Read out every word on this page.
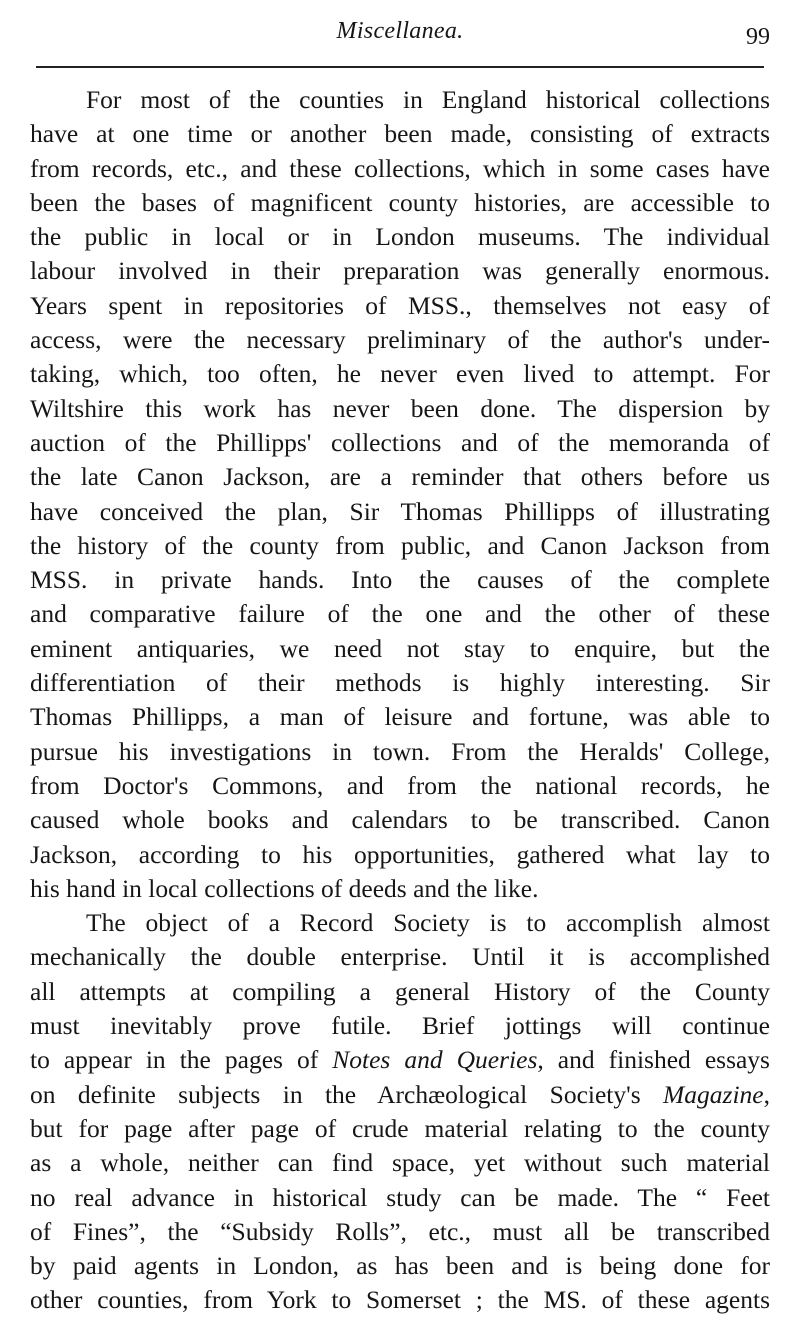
Miscellanea.	99
For most of the counties in England historical collections
have at one time or another been made, consisting of extracts
from records, etc., and these collections, which in some cases have
been the bases of magnificent county histories, are accessible to
the public in local or in London museums. The individual
labour involved in their preparation was generally enormous.
Years spent in repositories of MSS., themselves not easy of
access, were the necessary preliminary of the author's under-
taking, which, too often, he never even lived to attempt. For
Wiltshire this work has never been done. The dispersion by
auction of the Phillipps' collections and of the memoranda of
the late Canon Jackson, are a reminder that others before us
have conceived the plan, Sir Thomas Phillipps of illustrating
the history of the county from public, and Canon Jackson from
MSS. in private hands. Into the causes of the complete
and comparative failure of the one and the other of these
eminent antiquaries, we need not stay to enquire, but the
differentiation of their methods is highly interesting. Sir
Thomas Phillipps, a man of leisure and fortune, was able to
pursue his investigations in town. From the Heralds' College,
from Doctor's Commons, and from the national records, he
caused whole books and calendars to be transcribed. Canon
Jackson, according to his opportunities, gathered what lay to
his hand in local collections of deeds and the like.
The object of a Record Society is to accomplish almost
mechanically the double enterprise. Until it is accomplished
all attempts at compiling a general History of the County
must inevitably prove futile. Brief jottings will continue
to appear in the pages of Notes and Queries, and finished essays
on definite subjects in the Archæological Society's Magazine,
but for page after page of crude material relating to the county
as a whole, neither can find space, yet without such material
no real advance in historical study can be made. The “ Feet
of Fines”, the “Subsidy Rolls”, etc., must all be transcribed
by paid agents in London, as has been and is being done for
other counties, from York to Somerset ; the MS. of these agents
